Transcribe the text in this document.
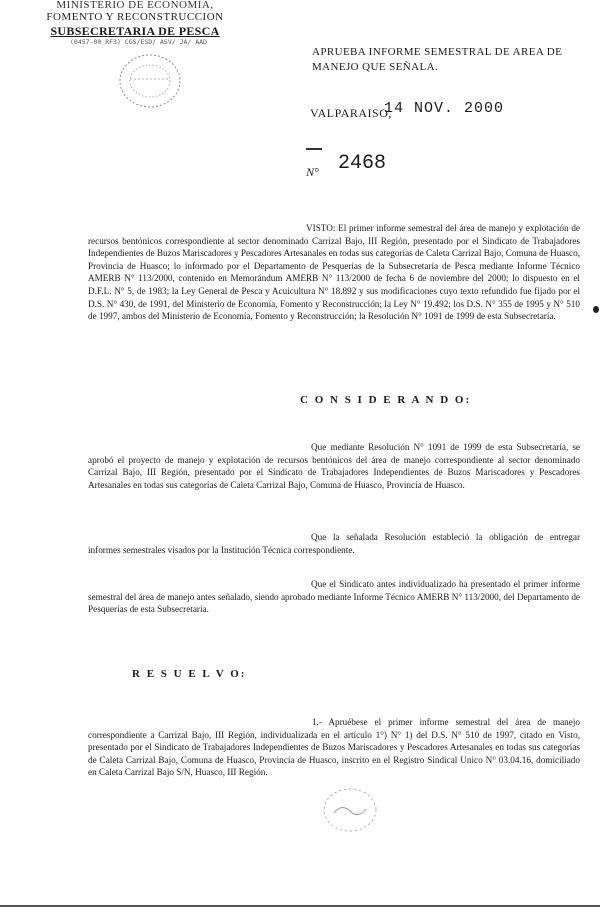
MINISTERIO DE ECONOMIA,
FOMENTO Y RECONSTRUCCION
SUBSECRETARIA DE PESCA
(0457-00 RF3) CGS/ESD/ ASV/ JA/ AAD
APRUEBA INFORME SEMESTRAL DE AREA DE MANEJO QUE SEÑALA.
VALPARAISO,
14 NOV. 2000
N° 2468
VISTO: El primer informe semestral del área de manejo y explotación de recursos bentónicos correspondiente al sector denominado Carrizal Bajo, III Región, presentado por el Sindicato de Trabajadores Independientes de Buzos Mariscadores y Pescadores Artesanales en todas sus categorías de Caleta Carrizal Bajo, Comuna de Huasco, Provincia de Huasco; lo informado por el Departamento de Pesquerías de la Subsecretaría de Pesca mediante Informe Técnico AMERB N° 113/2000, contenido en Memorándum AMERB N° 113/2000 de fecha 6 de noviembre del 2000; lo dispuesto en el D.F.L. N° 5, de 1983; la Ley General de Pesca y Acuicultura N° 18.892 y sus modificaciones cuyo texto refundido fue fijado por el D.S. N° 430, de 1991, del Ministerio de Economía, Fomento y Reconstrucción; la Ley N° 19.492; los D.S. N° 355 de 1995 y N° 510 de 1997, ambos del Ministerio de Economía, Fomento y Reconstrucción; la Resolución N° 1091 de 1999 de esta Subsecretaría.
C O N S I D E R A N D O:
Que mediante Resolución N° 1091 de 1999 de esta Subsecretaría, se aprobó el proyecto de manejo y explotación de recursos bentónicos del área de manejo correspondiente al sector denominado Carrizal Bajo, III Región, presentado por el Sindicato de Trabajadores Independientes de Buzos Mariscadores y Pescadores Artesanales en todas sus categorías de Caleta Carrizal Bajo, Comuna de Huasco, Provincia de Huasco.
Que la señalada Resolución estableció la obligación de entregar informes semestrales visados por la Institución Técnica correspondiente.
Que el Sindicato antes individualizado ha presentado el primer informe semestral del área de manejo antes señalado, siendo aprobado mediante Informe Técnico AMERB N° 113/2000, del Departamento de Pesquerías de esta Subsecretaría.
R E S U E L V O:
1.- Apruébese el primer informe semestral del área de manejo correspondiente a Carrizal Bajo, III Región, individualizada en el artículo 1°) N° 1) del D.S. N° 510 de 1997, citado en Visto, presentado por el Sindicato de Trabajadores Independientes de Buzos Mariscadores y Pescadores Artesanales en todas sus categorías de Caleta Carrizal Bajo, Comuna de Huasco, Provincia de Huasco, inscrito en el Registro Sindical Unico N° 03.04.16, domiciliado en Caleta Carrizal Bajo S/N, Huasco, III Región.
